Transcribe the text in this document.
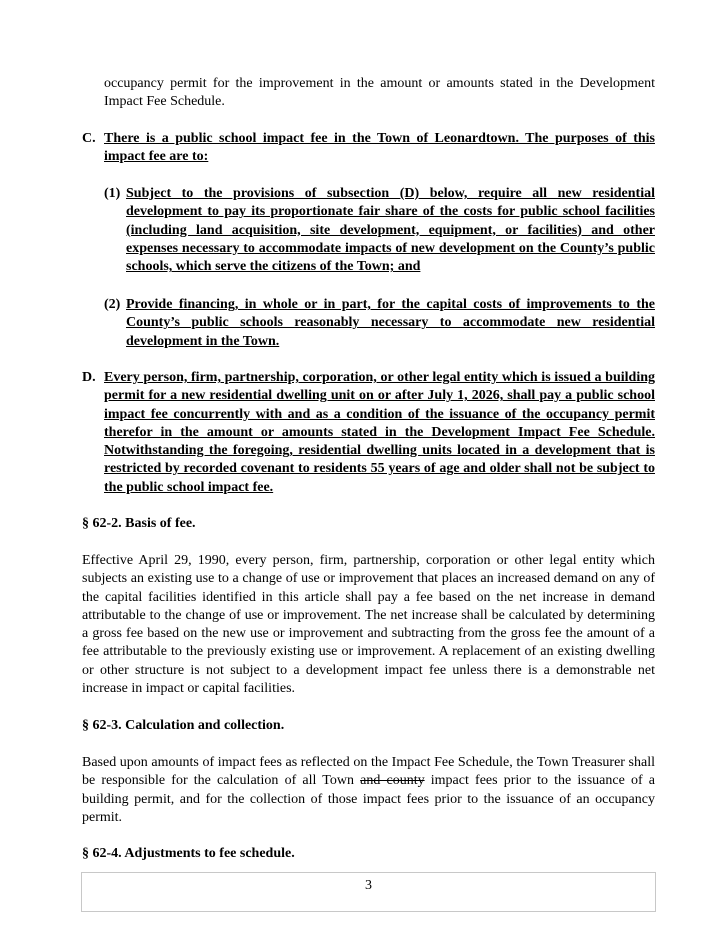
occupancy permit for the improvement in the amount or amounts stated in the Development Impact Fee Schedule.

C. There is a public school impact fee in the Town of Leonardtown. The purposes of this impact fee are to:
(1) Subject to the provisions of subsection (D) below, require all new residential development to pay its proportionate fair share of the costs for public school facilities (including land acquisition, site development, equipment, or facilities) and other expenses necessary to accommodate impacts of new development on the County’s public schools, which serve the citizens of the Town; and
(2) Provide financing, in whole or in part, for the capital costs of improvements to the County’s public schools reasonably necessary to accommodate new residential development in the Town.
D. Every person, firm, partnership, corporation, or other legal entity which is issued a building permit for a new residential dwelling unit on or after July 1, 2026, shall pay a public school impact fee concurrently with and as a condition of the issuance of the occupancy permit therefor in the amount or amounts stated in the Development Impact Fee Schedule. Notwithstanding the foregoing, residential dwelling units located in a development that is restricted by recorded covenant to residents 55 years of age and older shall not be subject to the public school impact fee.

§ 62-2. Basis of fee.

Effective April 29, 1990, every person, firm, partnership, corporation or other legal entity which subjects an existing use to a change of use or improvement that places an increased demand on any of the capital facilities identified in this article shall pay a fee based on the net increase in demand attributable to the change of use or improvement. The net increase shall be calculated by determining a gross fee based on the new use or improvement and subtracting from the gross fee the amount of a fee attributable to the previously existing use or improvement. A replacement of an existing dwelling or other structure is not subject to a development impact fee unless there is a demonstrable net increase in impact or capital facilities.

§ 62-3. Calculation and collection.

Based upon amounts of impact fees as reflected on the Impact Fee Schedule, the Town Treasurer shall be responsible for the calculation of all Town and county impact fees prior to the issuance of a building permit, and for the collection of those impact fees prior to the issuance of an occupancy permit.

§ 62-4. Adjustments to fee schedule.

3
